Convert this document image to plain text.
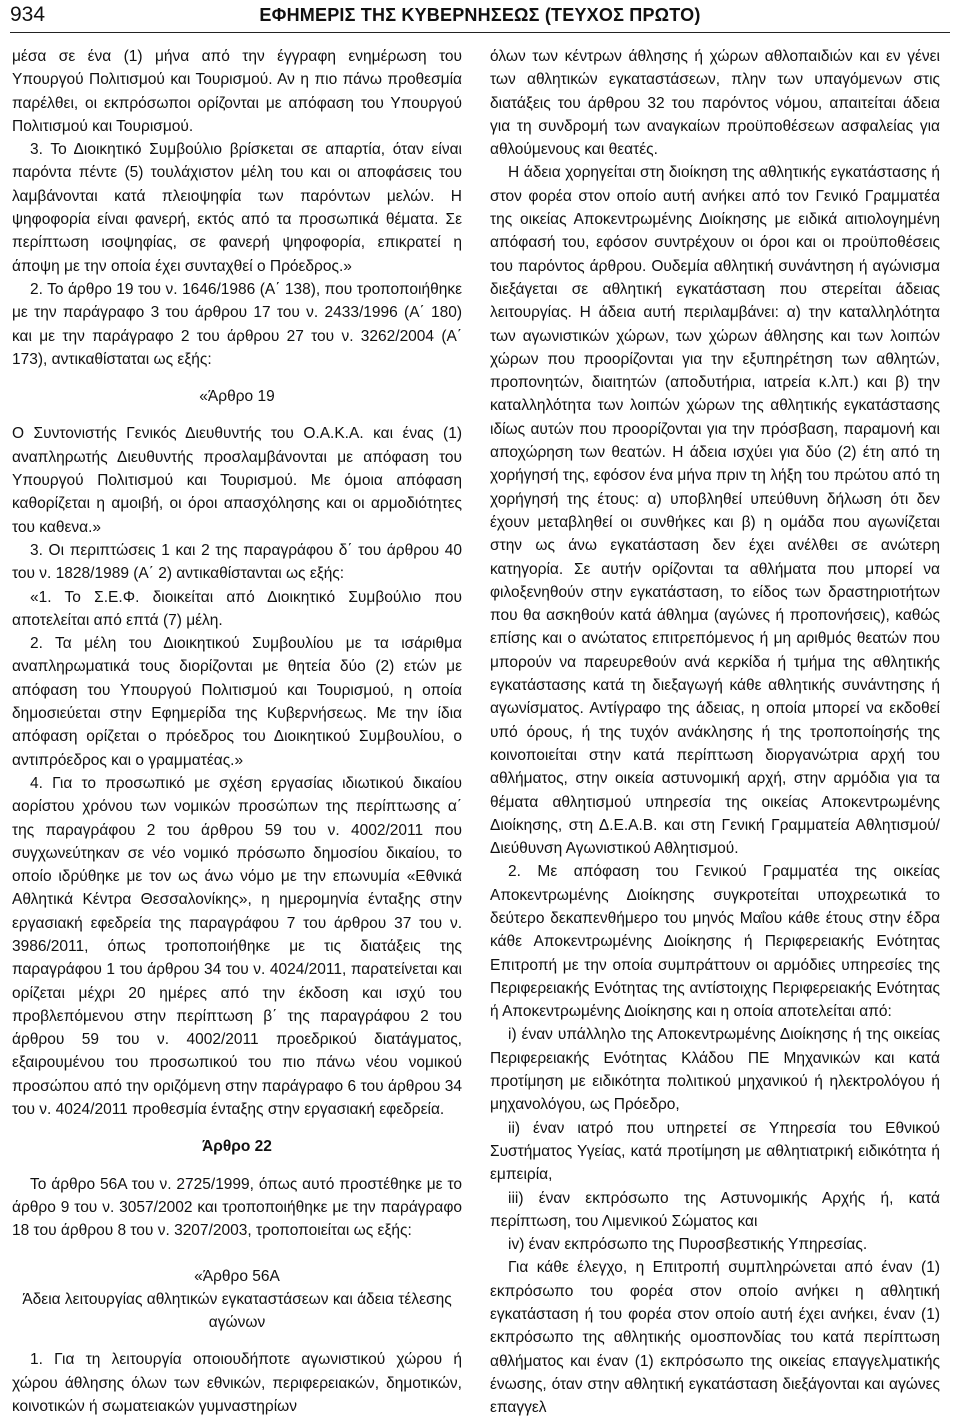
934	ΕΦΗΜΕΡΙΣ ΤΗΣ ΚΥΒΕΡΝΗΣΕΩΣ (ΤΕΥΧΟΣ ΠΡΩΤΟ)

μέσα σε ένα (1) μήνα από την έγγραφη ενημέρωση του Υπουργού Πολιτισμού και Τουρισμού. Αν η πιο πάνω προθεσμία παρέλθει, οι εκπρόσωποι ορίζονται με απόφαση του Υπουργού Πολιτισμού και Τουρισμού.

3. Το Διοικητικό Συμβούλιο βρίσκεται σε απαρτία, όταν είναι παρόντα πέντε (5) τουλάχιστον μέλη του και οι αποφάσεις του λαμβάνονται κατά πλειοψηφία των παρόντων μελών. Η ψηφοφορία είναι φανερή, εκτός από τα προσωπικά θέματα. Σε περίπτωση ισοψηφίας, σε φανερή ψηφοφορία, επικρατεί η άποψη με την οποία έχει συνταχθεί ο Πρόεδρος.»

2. Το άρθρο 19 του ν. 1646/1986 (Α΄ 138), που τροποποιήθηκε με την παράγραφο 3 του άρθρου 17 του ν. 2433/1996 (Α΄ 180) και με την παράγραφο 2 του άρθρου 27 του ν. 3262/2004 (Α΄ 173), αντικαθίσταται ως εξής:

«Άρθρο 19

Ο Συντονιστής Γενικός Διευθυντής του Ο.Α.Κ.Α. και ένας (1) αναπληρωτής Διευθυντής προσλαμβάνονται με απόφαση του Υπουργού Πολιτισμού και Τουρισμού. Με όμοια απόφαση καθορίζεται η αμοιβή, οι όροι απασχόλησης και οι αρμοδιότητες του καθενα.»

3. Οι περιπτώσεις 1 και 2 της παραγράφου δ΄ του άρθρου 40 του ν. 1828/1989 (Α΄ 2) αντικαθίστανται ως εξής:

«1. Το Σ.Ε.Φ. διοικείται από Διοικητικό Συμβούλιο που αποτελείται από επτά (7) μέλη.

2. Τα μέλη του Διοικητικού Συμβουλίου με τα ισάριθμα αναπληρωματικά τους διορίζονται με θητεία δύο (2) ετών με απόφαση του Υπουργού Πολιτισμού και Τουρισμού, η οποία δημοσιεύεται στην Εφημερίδα της Κυβερνήσεως. Με την ίδια απόφαση ορίζεται ο πρόεδρος του Διοικητικού Συμβουλίου, ο αντιπρόεδρος και ο γραμματέας.»

4. Για το προσωπικό με σχέση εργασίας ιδιωτικού δικαίου αορίστου χρόνου των νομικών προσώπων της περίπτωσης α΄ της παραγράφου 2 του άρθρου 59 του ν. 4002/2011 που συγχωνεύτηκαν σε νέο νομικό πρόσωπο δημοσίου δικαίου, το οποίο ιδρύθηκε με τον ως άνω νόμο με την επωνυμία «Εθνικά Αθλητικά Κέντρα Θεσσαλονίκης», η ημερομηνία ένταξης στην εργασιακή εφεδρεία της παραγράφου 7 του άρθρου 37 του ν. 3986/2011, όπως τροποποιήθηκε με τις διατάξεις της παραγράφου 1 του άρθρου 34 του ν. 4024/2011, παρατείνεται και ορίζεται μέχρι 20 ημέρες από την έκδοση και ισχύ του προβλεπόμενου στην περίπτωση β΄ της παραγράφου 2 του άρθρου 59 του ν. 4002/2011 προεδρικού διατάγματος, εξαιρουμένου του προσωπικού του πιο πάνω νέου νομικού προσώπου από την οριζόμενη στην παράγραφο 6 του άρθρου 34 του ν. 4024/2011 προθεσμία ένταξης στην εργασιακή εφεδρεία.

Άρθρο 22

Το άρθρο 56Α του ν. 2725/1999, όπως αυτό προστέθηκε με το άρθρο 9 του ν. 3057/2002 και τροποποιήθηκε με την παράγραφο 18 του άρθρου 8 του ν. 3207/2003, τροποποιείται ως εξής:

«Άρθρο 56Α

Άδεια λειτουργίας αθλητικών εγκαταστάσεων και άδεια τέλεσης αγώνων

1. Για τη λειτουργία οποιουδήποτε αγωνιστικού χώρου ή χώρου άθλησης όλων των εθνικών, περιφερειακών, δημοτικών, κοινοτικών ή σωματειακών γυμναστηρίων

όλων των κέντρων άθλησης ή χώρων αθλοπαιδιών και εν γένει των αθλητικών εγκαταστάσεων, πλην των υπαγόμενων στις διατάξεις του άρθρου 32 του παρόντος νόμου, απαιτείται άδεια για τη συνδρομή των αναγκαίων προϋποθέσεων ασφαλείας για αθλούμενους και θεατές.

Η άδεια χορηγείται στη διοίκηση της αθλητικής εγκατάστασης ή στον φορέα στον οποίο αυτή ανήκει από τον Γενικό Γραμματέα της οικείας Αποκεντρωμένης Διοίκησης με ειδικά αιτιολογημένη απόφασή του, εφόσον συντρέχουν οι όροι και οι προϋποθέσεις του παρόντος άρθρου. Ουδεμία αθλητική συνάντηση ή αγώνισμα διεξάγεται σε αθλητική εγκατάσταση που στερείται άδειας λειτουργίας. Η άδεια αυτή περιλαμβάνει: α) την καταλληλότητα των αγωνιστικών χώρων, των χώρων άθλησης και των λοιπών χώρων που προορίζονται για την εξυπηρέτηση των αθλητών, προπονητών, διαιτητών (αποδυτήρια, ιατρεία κ.λπ.) και β) την καταλληλότητα των λοιπών χώρων της αθλητικής εγκατάστασης ιδίως αυτών που προορίζονται για την πρόσβαση, παραμονή και αποχώρηση των θεατών. Η άδεια ισχύει για δύο (2) έτη από τη χορήγησή της, εφόσον ένα μήνα πριν τη λήξη του πρώτου από τη χορήγησή της έτους: α) υποβληθεί υπεύθυνη δήλωση ότι δεν έχουν μεταβληθεί οι συνθήκες και β) η ομάδα που αγωνίζεται στην ως άνω εγκατάσταση δεν έχει ανέλθει σε ανώτερη κατηγορία. Σε αυτήν ορίζονται τα αθλήματα που μπορεί να φιλοξενηθούν στην εγκατάσταση, το είδος των δραστηριοτήτων που θα ασκηθούν κατά άθλημα (αγώνες ή προπονήσεις), καθώς επίσης και ο ανώτατος επιτρεπόμενος ή μη αριθμός θεατών που μπορούν να παρευρεθούν ανά κερκίδα ή τμήμα της αθλητικής εγκατάστασης κατά τη διεξαγωγή κάθε αθλητικής συνάντησης ή αγωνίσματος. Αντίγραφο της άδειας, η οποία μπορεί να εκδοθεί υπό όρους, ή της τυχόν ανάκλησης ή της τροποποίησής της κοινοποιείται στην κατά περίπτωση διοργανώτρια αρχή του αθλήματος, στην οικεία αστυνομική αρχή, στην αρμόδια για τα θέματα αθλητισμού υπηρεσία της οικείας Αποκεντρωμένης Διοίκησης, στη Δ.Ε.Α.Β. και στη Γενική Γραμματεία Αθλητισμού/Διεύθυνση Αγωνιστικού Αθλητισμού.

2. Με απόφαση του Γενικού Γραμματέα της οικείας Αποκεντρωμένης Διοίκησης συγκροτείται υποχρεωτικά το δεύτερο δεκαπενθήμερο του μηνός Μαΐου κάθε έτους στην έδρα κάθε Αποκεντρωμένης Διοίκησης ή Περιφερειακής Ενότητας Επιτροπή με την οποία συμπράττουν οι αρμόδιες υπηρεσίες της Περιφερειακής Ενότητας της αντίστοιχης Περιφερειακής Ενότητας ή Αποκεντρωμένης Διοίκησης και η οποία αποτελείται από:

i) έναν υπάλληλο της Αποκεντρωμένης Διοίκησης ή της οικείας Περιφερειακής Ενότητας Κλάδου ΠΕ Μηχανικών και κατά προτίμηση με ειδικότητα πολιτικού μηχανικού ή ηλεκτρολόγου ή μηχανολόγου, ως Πρόεδρο,

ii) έναν ιατρό που υπηρετεί σε Υπηρεσία του Εθνικού Συστήματος Υγείας, κατά προτίμηση με αθλητιατρική ειδικότητα ή εμπειρία,

iii) έναν εκπρόσωπο της Αστυνομικής Αρχής ή, κατά περίπτωση, του Λιμενικού Σώματος και

iv) έναν εκπρόσωπο της Πυροσβεστικής Υπηρεσίας.

Για κάθε έλεγχο, η Επιτροπή συμπληρώνεται από έναν (1) εκπρόσωπο του φορέα στον οποίο ανήκει η αθλητική εγκατάσταση ή του φορέα στον οποίο αυτή έχει ανήκει, έναν (1) εκπρόσωπο της αθλητικής ομοσπονδίας του κατά περίπτωση αθλήματος και έναν (1) εκπρόσωπο της οικείας επαγγελματικής ένωσης, όταν στην αθλητική εγκατάσταση διεξάγονται και αγώνες επαγγελ
